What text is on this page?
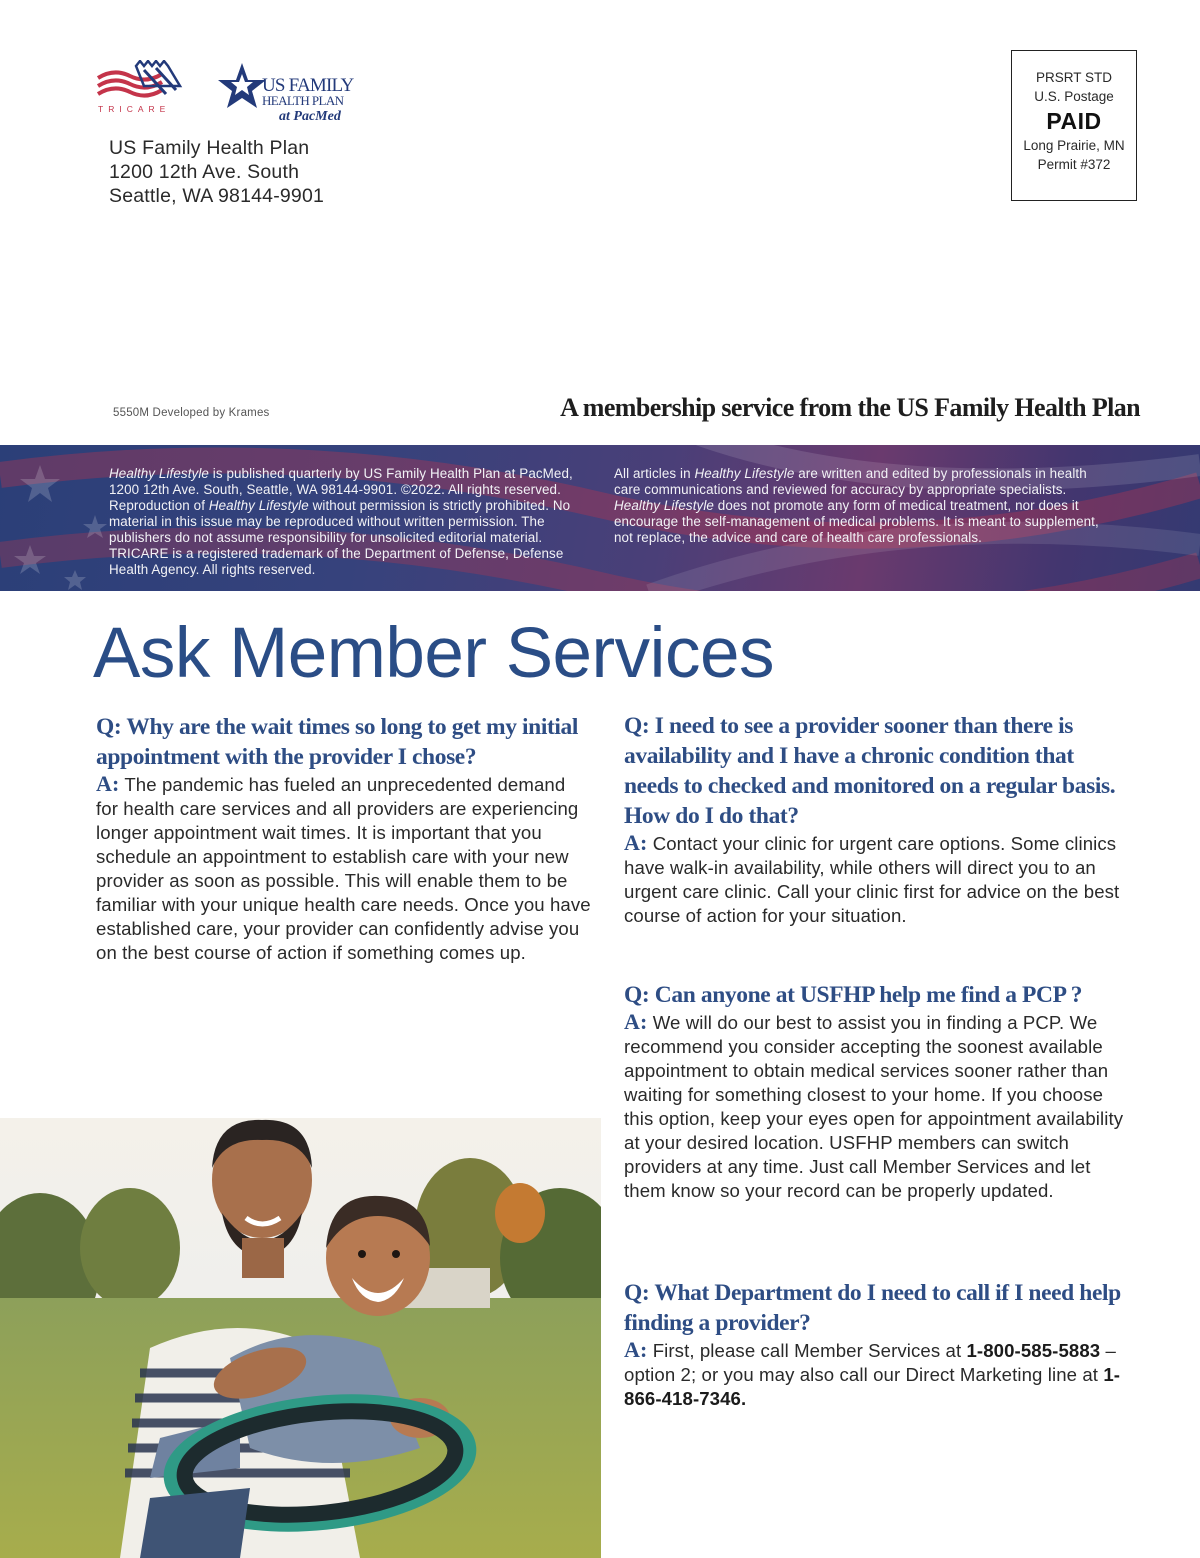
TRICARE
US FAMILY
HEALTH PLAN
at PacMed
US Family Health Plan
1200 12th Ave. South
Seattle, WA 98144-9901
PRSRT STD
U.S. Postage
PAID
Long Prairie, MN
Permit #372
5550M Developed by Krames	A membership service from the US Family Health Plan
Healthy Lifestyle is published quarterly by US Family Health Plan at PacMed, 1200 12th Ave. South, Seattle, WA 98144-9901. ©2022. All rights reserved. Reproduction of Healthy Lifestyle without permission is strictly prohibited. No material in this issue may be reproduced without written permission. The publishers do not assume responsibility for unsolicited editorial material. TRICARE is a registered trademark of the Department of Defense, Defense Health Agency. All rights reserved.
All articles in Healthy Lifestyle are written and edited by professionals in health care communications and reviewed for accuracy by appropriate specialists. Healthy Lifestyle does not promote any form of medical treatment, nor does it encourage the self-management of medical problems. It is meant to supplement, not replace, the advice and care of health care professionals.
Ask Member Services

Q: Why are the wait times so long to get my initial appointment with the provider I chose?

A: The pandemic has fueled an unprecedented demand for health care services and all providers are experiencing longer appointment wait times. It is important that you schedule an appointment to establish care with your new provider as soon as possible. This will enable them to be familiar with your unique health care needs. Once you have established care, your provider can confidently advise you on the best course of action if something comes up.

Q: I need to see a provider sooner than there is availability and I have a chronic condition that needs to checked and monitored on a regular basis. How do I do that?

A: Contact your clinic for urgent care options. Some clinics have walk-in availability, while others will direct you to an urgent care clinic. Call your clinic first for advice on the best course of action for your situation.

Q: Can anyone at USFHP help me find a PCP ?

A: We will do our best to assist you in finding a PCP. We recommend you consider accepting the soonest available appointment to obtain medical services sooner rather than waiting for something closest to your home. If you choose this option, keep your eyes open for appointment availability at your desired location. USFHP members can switch providers at any time. Just call Member Services and let them know so your record can be properly updated.

Q: What Department do I need to call if I need help finding a provider?

A: First, please call Member Services at 1-800-585-5883 – option 2; or you may also call our Direct Marketing line at 1-866-418-7346.
